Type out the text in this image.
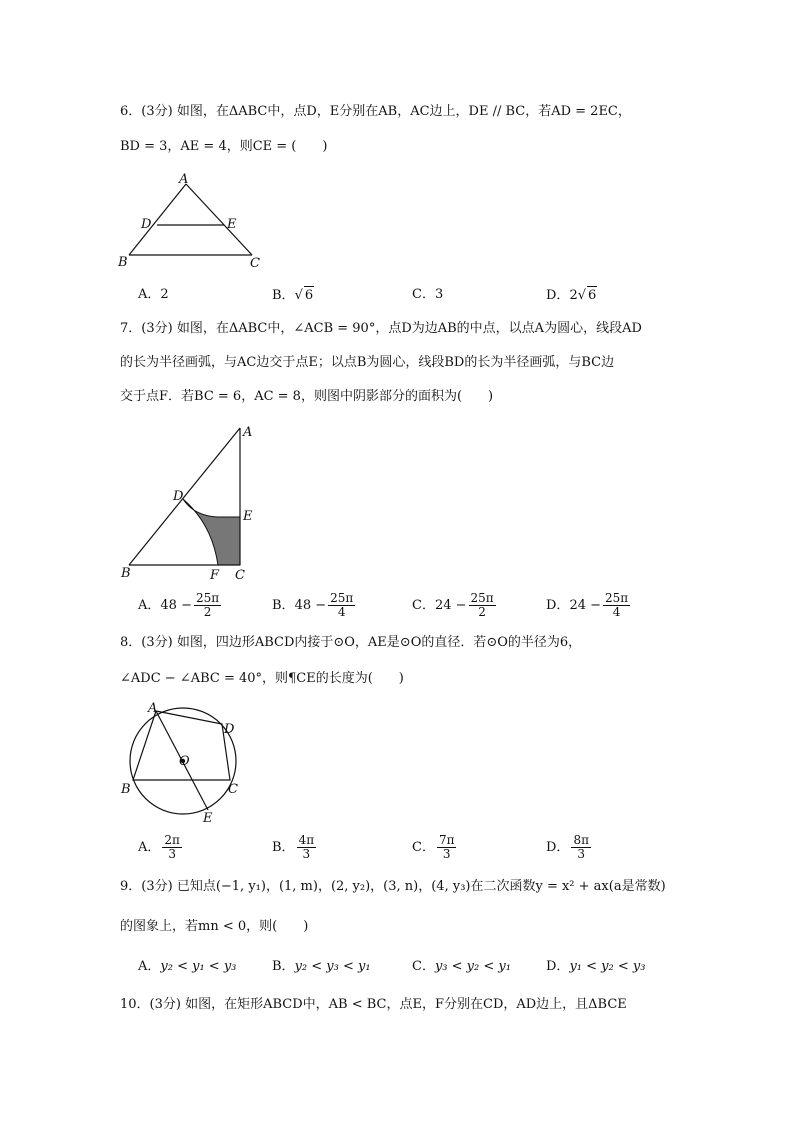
6．(3分) 如图，在ΔABC中，点D，E分别在AB，AC边上，DE // BC，若AD = 2EC，
BD = 3，AE = 4，则CE = (　　)
A
D	E
B	C
A．2	B．√ 6	C．3	D．2√ 6
7．(3分) 如图，在ΔABC中，∠ACB = 90°，点D为边AB的中点，以点A为圆心，线段AD
的长为半径画弧，与AC边交于点E；以点B为圆心，线段BD的长为半径画弧，与BC边
交于点F．若BC = 6，AC = 8，则图中阴影部分的面积为(　　)
A
D
E
B	F C
A．$48 - \frac{25\pi}{2}$	B．$48 - \frac{25\pi}{4}$	C．$24 - \frac{25\pi}{2}$	D．$24 - \frac{25\pi}{4}$
8．(3分) 如图，四边形ABCD内接于⊙O，AE是⊙O的直径．若⊙O的半径为6，
∠ADC − ∠ABC = 40°，则¶CE的长度为(　　)
A
D
O
B	C
E
A． $\frac{2\pi}{3}$	B． $\frac{4\pi}{3}$	C． $\frac{7\pi}{3}$	D． $\frac{8\pi}{3}$
9．(3分) 已知点(−1, y₁)，(1, m)，(2, y₂)，(3, n)，(4, y₃)在二次函数y = x² + ax(a是常数)
的图象上，若mn < 0，则(　　)
A．y₂ < y₁ < y₃	B．y₂ < y₃ < y₁	C．y₃ < y₂ < y₁	D．y₁ < y₂ < y₃
10．(3分) 如图，在矩形ABCD中，AB < BC，点E，F分别在CD，AD边上，且ΔBCE
